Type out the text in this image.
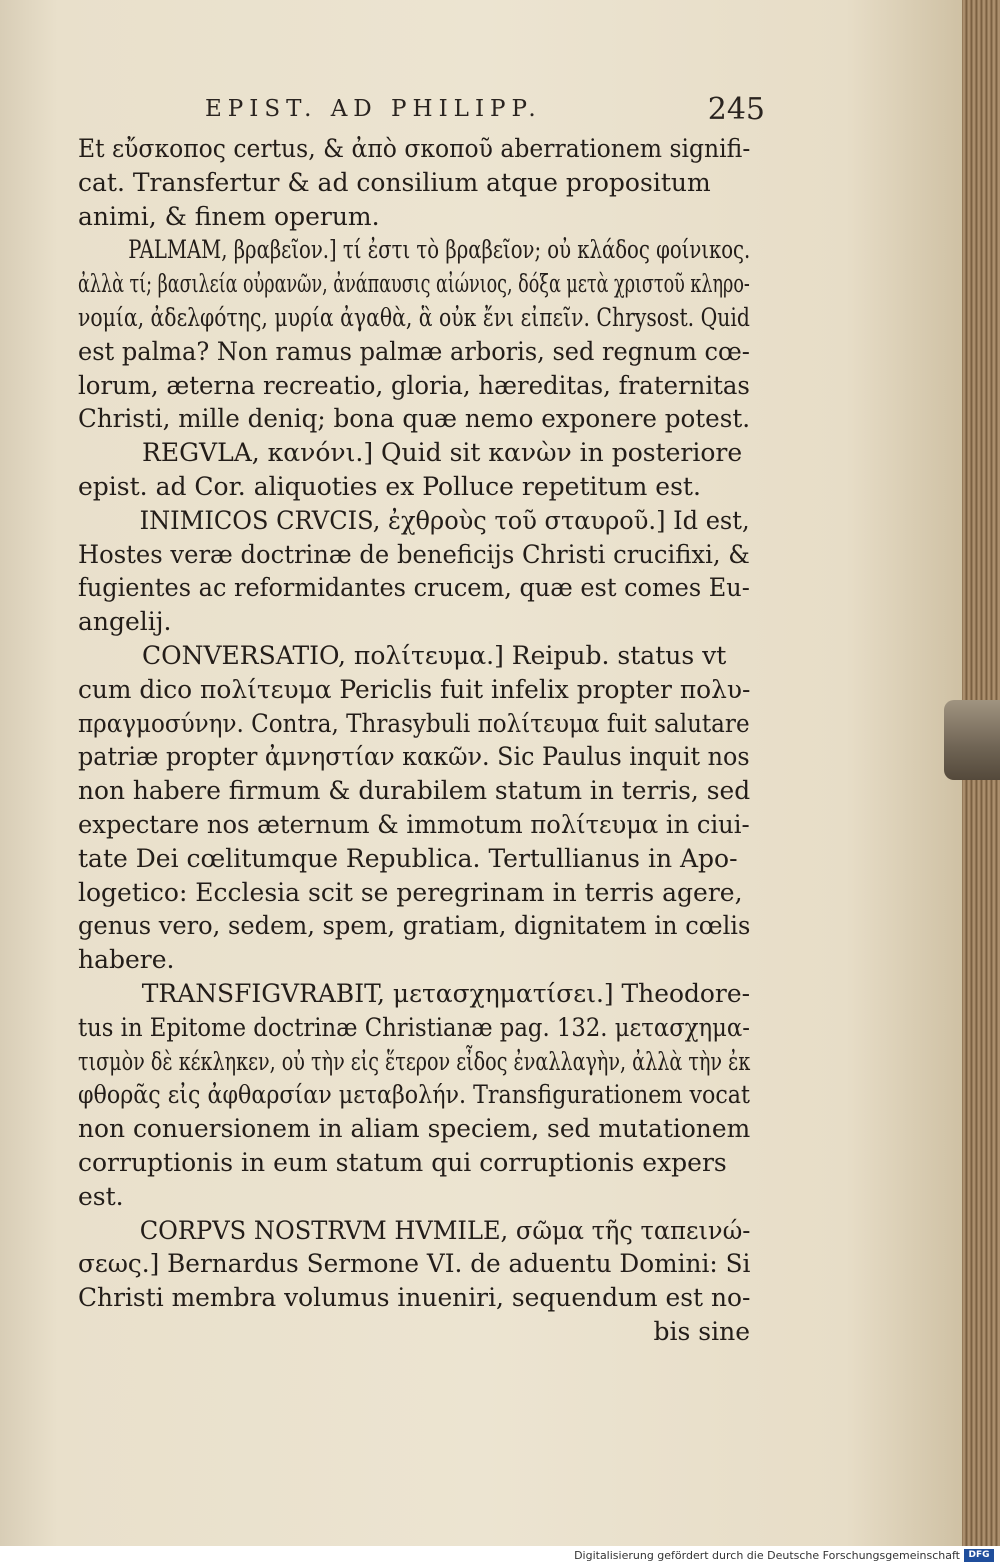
EPIST. AD PHILIPP.	245
Et εὔσκοπος certus, & ἀπὸ σκοποῦ aberrationem signifi-
cat. Transfertur & ad consilium atque propositum
animi, & finem operum.
PALMAM, βραβεῖον.] τί ἐστι τὸ βραβεῖον; οὐ κλάδος φοίνικος.
ἀλλὰ τί; βασιλεία οὐρανῶν, ἀνάπαυσις αἰώνιος, δόξα μετὰ χριστοῦ κληρο-
νομία, ἀδελφότης, μυρία ἀγαθὰ, ἃ οὐκ ἔνι εἰπεῖν. Chrysost. Quid
est palma? Non ramus palmæ arboris, sed regnum cœ-
lorum, æterna recreatio, gloria, hæreditas, fraternitas
Christi, mille deniq; bona quæ nemo exponere potest.
REGVLA, κανόνι.] Quid sit κανὼν in posteriore
epist. ad Cor. aliquoties ex Polluce repetitum est.
INIMICOS CRVCIS, ἐχθροὺς τοῦ σταυροῦ.] Id est,
Hostes veræ doctrinæ de beneficijs Christi crucifixi, &
fugientes ac reformidantes crucem, quæ est comes Eu-
angelij.
CONVERSATIO, πολίτευμα.] Reipub. status vt
cum dico πολίτευμα Periclis fuit infelix propter πολυ-
πραγμοσύνην. Contra, Thrasybuli πολίτευμα fuit salutare
patriæ propter ἀμνηστίαν κακῶν. Sic Paulus inquit nos
non habere firmum & durabilem statum in terris, sed
expectare nos æternum & immotum πολίτευμα in ciui-
tate Dei cœlitumque Republica. Tertullianus in Apo-
logetico: Ecclesia scit se peregrinam in terris agere,
genus vero, sedem, spem, gratiam, dignitatem in cœlis
habere.
TRANSFIGVRABIT, μετασχηματίσει.] Theodore-
tus in Epitome doctrinæ Christianæ pag. 132. μετασχημα-
τισμὸν δὲ κέκληκεν, οὐ τὴν εἰς ἕτερον εἶδος ἐναλλαγὴν, ἀλλὰ τὴν ἐκ
φθορᾶς εἰς ἀφθαρσίαν μεταβολήν. Transfigurationem vocat
non conuersionem in aliam speciem, sed mutationem
corruptionis in eum statum qui corruptionis expers
est.
CORPVS NOSTRVM HVMILE, σῶμα τῆς ταπεινώ-
σεως.] Bernardus Sermone VI. de aduentu Domini: Si
Christi membra volumus inueniri, sequendum est no-
bis sine
Digitalisierung gefördert durch die Deutsche Forschungsgemeinschaft DFG
